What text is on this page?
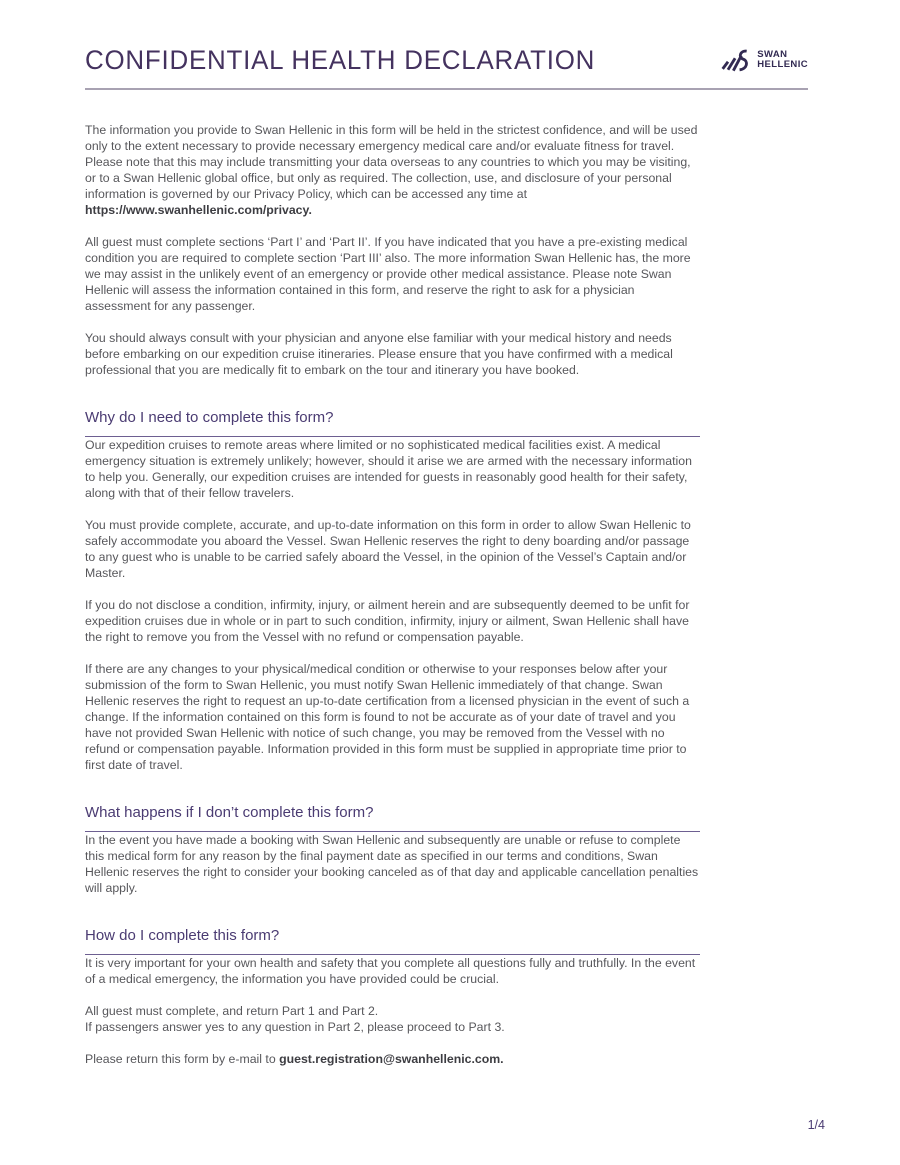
CONFIDENTIAL HEALTH DECLARATION	SWAN
HELLENIC

The information you provide to Swan Hellenic in this form will be held in the strictest confidence, and will be used only to the extent necessary to provide necessary emergency medical care and/or evaluate fitness for travel. Please note that this may include transmitting your data overseas to any countries to which you may be visiting, or to a Swan Hellenic global office, but only as required. The collection, use, and disclosure of your personal information is governed by our Privacy Policy, which can be accessed any time at https://www.swanhellenic.com/privacy.

All guest must complete sections ‘Part I’ and ‘Part II’. If you have indicated that you have a pre-existing medical condition you are required to complete section ‘Part III’ also. The more information Swan Hellenic has, the more we may assist in the unlikely event of an emergency or provide other medical assistance. Please note Swan Hellenic will assess the information contained in this form, and reserve the right to ask for a physician assessment for any passenger.

You should always consult with your physician and anyone else familiar with your medical history and needs before embarking on our expedition cruise itineraries. Please ensure that you have confirmed with a medical professional that you are medically fit to embark on the tour and itinerary you have booked.

Why do I need to complete this form?

Our expedition cruises to remote areas where limited or no sophisticated medical facilities exist. A medical emergency situation is extremely unlikely; however, should it arise we are armed with the necessary information to help you. Generally, our expedition cruises are intended for guests in reasonably good health for their safety, along with that of their fellow travelers.

You must provide complete, accurate, and up-to-date information on this form in order to allow Swan Hellenic to safely accommodate you aboard the Vessel. Swan Hellenic reserves the right to deny boarding and/or passage to any guest who is unable to be carried safely aboard the Vessel, in the opinion of the Vessel’s Captain and/or Master.

If you do not disclose a condition, infirmity, injury, or ailment herein and are subsequently deemed to be unfit for expedition cruises due in whole or in part to such condition, infirmity, injury or ailment, Swan Hellenic shall have the right to remove you from the Vessel with no refund or compensation payable.

If there are any changes to your physical/medical condition or otherwise to your responses below after your submission of the form to Swan Hellenic, you must notify Swan Hellenic immediately of that change. Swan Hellenic reserves the right to request an up-to-date certification from a licensed physician in the event of such a change. If the information contained on this form is found to not be accurate as of your date of travel and you have not provided Swan Hellenic with notice of such change, you may be removed from the Vessel with no refund or compensation payable. Information provided in this form must be supplied in appropriate time prior to first date of travel.

What happens if I don’t complete this form?

In the event you have made a booking with Swan Hellenic and subsequently are unable or refuse to complete this medical form for any reason by the final payment date as specified in our terms and conditions, Swan Hellenic reserves the right to consider your booking canceled as of that day and applicable cancellation penalties will apply.

How do I complete this form?

It is very important for your own health and safety that you complete all questions fully and truthfully. In the event of a medical emergency, the information you have provided could be crucial.

All guest must complete, and return Part 1 and Part 2.
If passengers answer yes to any question in Part 2, please proceed to Part 3.

Please return this form by e-mail to guest.registration@swanhellenic.com.

1/4
